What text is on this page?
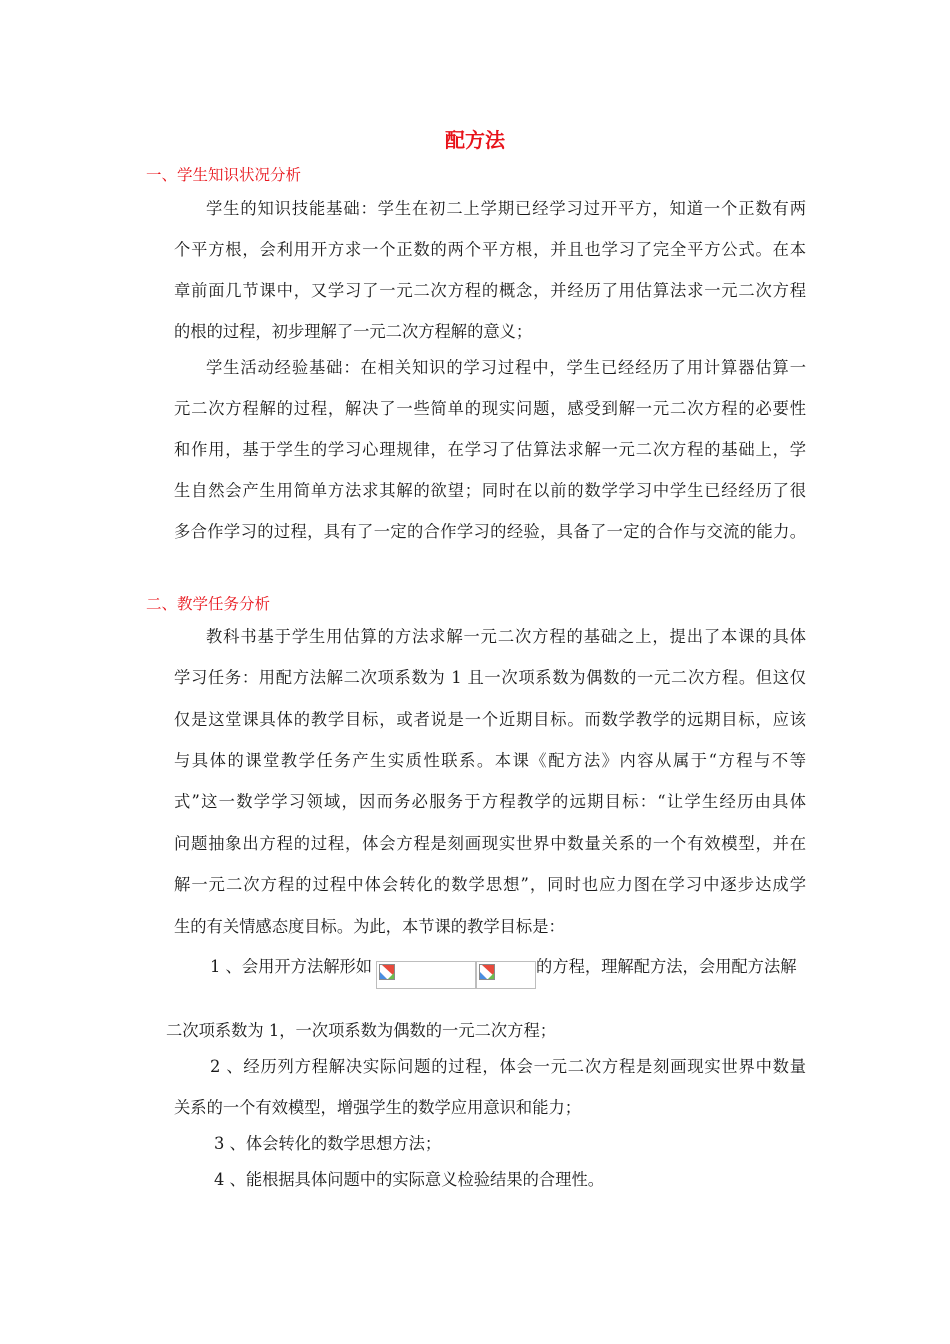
配方法
一、学生知识状况分析
学生的知识技能基础：学生在初二上学期已经学习过开平方，知道一个正数有两
个平方根，会利用开方求一个正数的两个平方根，并且也学习了完全平方公式。在本
章前面几节课中，又学习了一元二次方程的概念，并经历了用估算法求一元二次方程
的根的过程，初步理解了一元二次方程解的意义；
学生活动经验基础：在相关知识的学习过程中，学生已经经历了用计算器估算一
元二次方程解的过程，解决了一些简单的现实问题，感受到解一元二次方程的必要性
和作用，基于学生的学习心理规律，在学习了估算法求解一元二次方程的基础上，学
生自然会产生用简单方法求其解的欲望；同时在以前的数学学习中学生已经经历了很
多合作学习的过程，具有了一定的合作学习的经验，具备了一定的合作与交流的能力。
二、教学任务分析
教科书基于学生用估算的方法求解一元二次方程的基础之上，提出了本课的具体
学习任务：用配方法解二次项系数为 1 且一次项系数为偶数的一元二次方程。但这仅
仅是这堂课具体的教学目标，或者说是一个近期目标。而数学教学的远期目标，应该
与具体的课堂教学任务产生实质性联系。本课《配方法》内容从属于“方程与不等
式”这一数学学习领域，因而务必服务于方程教学的远期目标：“让学生经历由具体
问题抽象出方程的过程，体会方程是刻画现实世界中数量关系的一个有效模型，并在
解一元二次方程的过程中体会转化的数学思想”，同时也应力图在学习中逐步达成学
生的有关情感态度目标。为此，本节课的教学目标是：
1 、会用开方法解形如	的方程，理解配方法，会用配方法解
二次项系数为 1，一次项系数为偶数的一元二次方程；
2 、经历列方程解决实际问题的过程，体会一元二次方程是刻画现实世界中数量
关系的一个有效模型，增强学生的数学应用意识和能力；
3 、体会转化的数学思想方法；
4 、能根据具体问题中的实际意义检验结果的合理性。
